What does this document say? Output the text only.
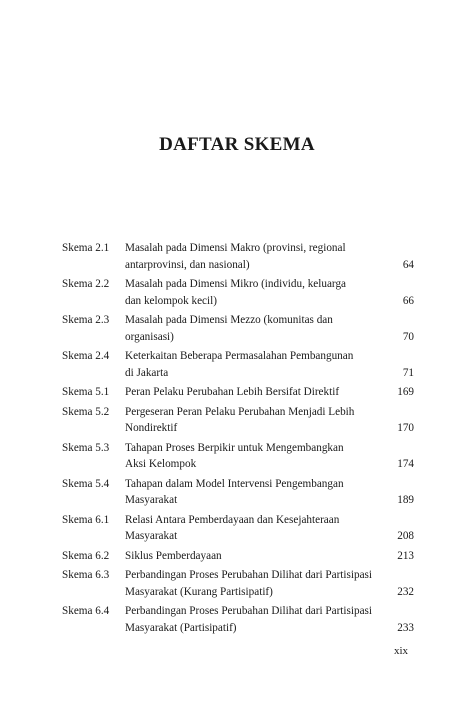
DAFTAR SKEMA
Skema 2.1	Masalah pada Dimensi Makro (provinsi, regional
antarprovinsi, dan nasional)	64
Skema 2.2	Masalah pada Dimensi Mikro (individu, keluarga
dan kelompok kecil)	66
Skema 2.3	Masalah pada Dimensi Mezzo (komunitas dan
organisasi)	70
Skema 2.4	Keterkaitan Beberapa Permasalahan Pembangunan
di Jakarta	71
Skema 5.1	Peran Pelaku Perubahan Lebih Bersifat Direktif	169
Skema 5.2	Pergeseran Peran Pelaku Perubahan Menjadi Lebih
Nondirektif	170
Skema 5.3	Tahapan Proses Berpikir untuk Mengembangkan
Aksi Kelompok	174
Skema 5.4	Tahapan dalam Model Intervensi Pengembangan
Masyarakat	189
Skema 6.1	Relasi Antara Pemberdayaan dan Kesejahteraan
Masyarakat	208
Skema 6.2	Siklus Pemberdayaan	213
Skema 6.3	Perbandingan Proses Perubahan Dilihat dari Partisipasi
Masyarakat (Kurang Partisipatif)	232
Skema 6.4	Perbandingan Proses Perubahan Dilihat dari Partisipasi
Masyarakat (Partisipatif)	233
xix
